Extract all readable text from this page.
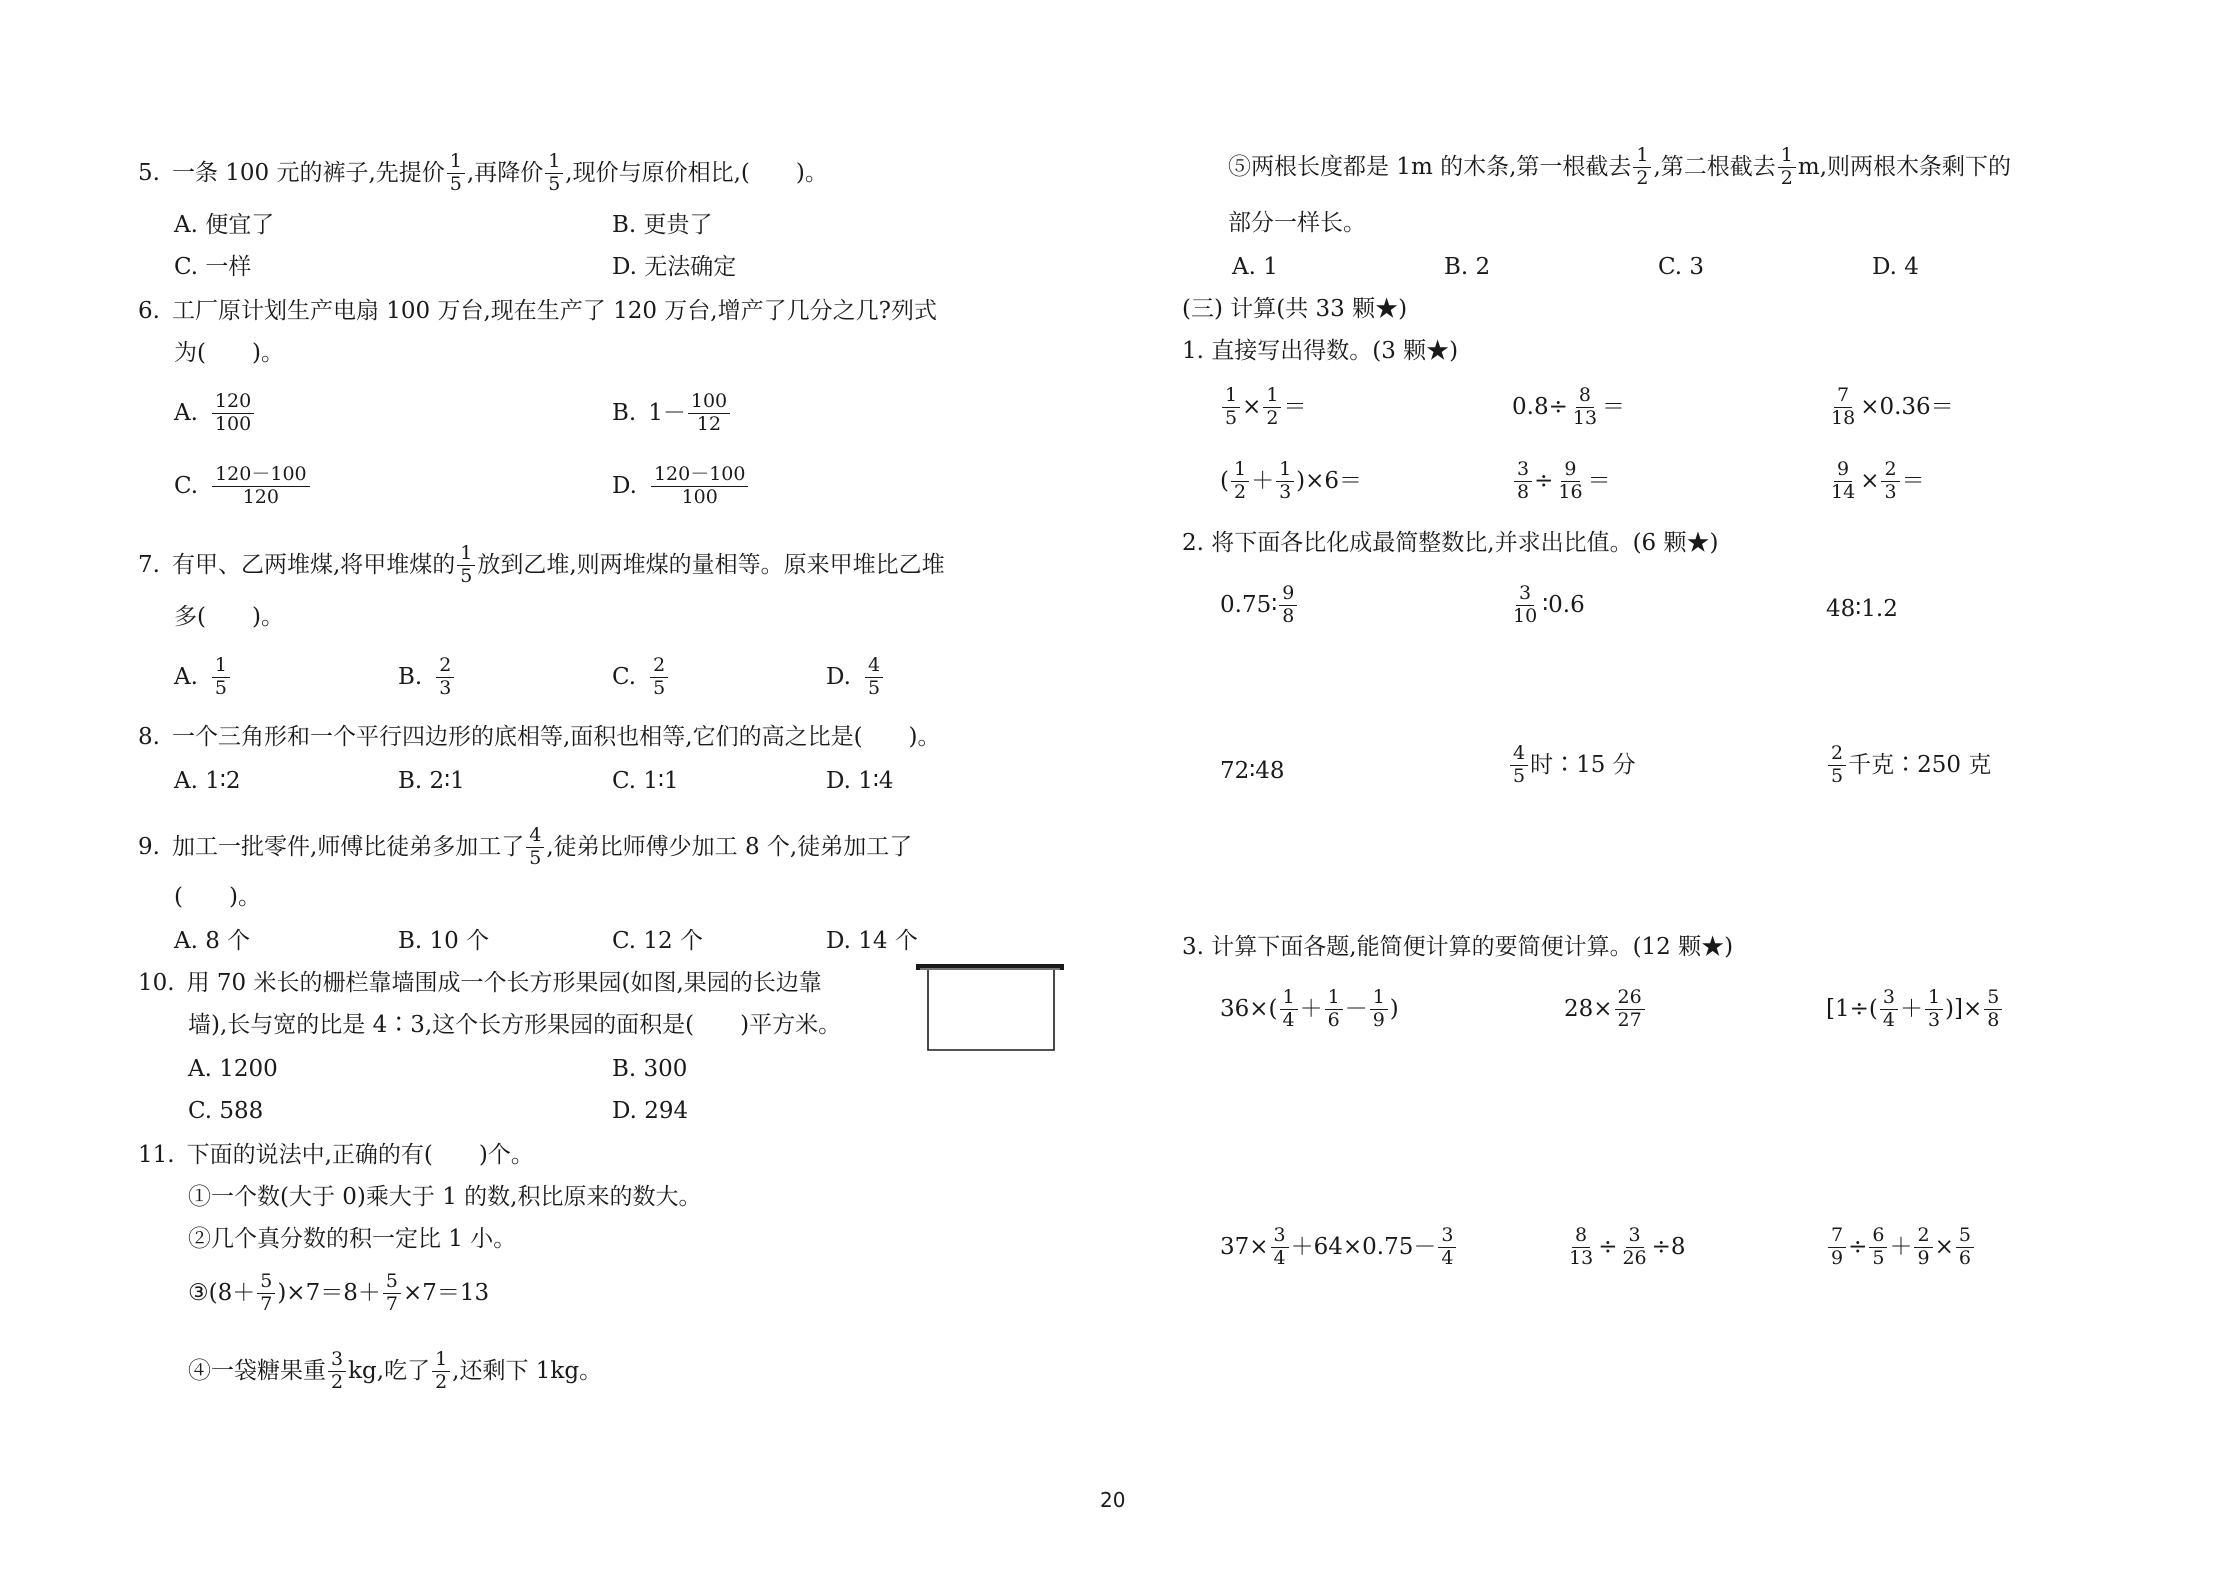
5. 一条 100 元的裤子,先提价 $\frac{1}{5}$ ,再降价 $\frac{1}{5}$ ,现价与原价相比,(　　)。
A. 便宜了	B. 更贵了
C. 一样	D. 无法确定
6. 工厂原计划生产电扇 100 万台,现在生产了 120 万台,增产了几分之几?列式
为(　　)。
A. $\frac{120}{100}$	B. $1- \frac{100}{12}$
C. $\frac{120-100}{120}$	D. $\frac{120-100}{100}$
7. 有甲、乙两堆煤,将甲堆煤的 $\frac{1}{5}$ 放到乙堆,则两堆煤的量相等。原来甲堆比乙堆
多(　　)。
A. $\frac{1}{5}$	B. $\frac{2}{3}$	C. $\frac{2}{5}$	D. $\frac{4}{5}$
8. 一个三角形和一个平行四边形的底相等,面积也相等,它们的高之比是(　　)。
A. 1∶2	B. 2∶1	C. 1∶1	D. 1∶4
9. 加工一批零件,师傅比徒弟多加工了 $\frac{4}{5}$ ,徒弟比师傅少加工 8 个,徒弟加工了
(　　)。
A. 8 个	B. 10 个	C. 12 个	D. 14 个
10. 用 70 米长的栅栏靠墙围成一个长方形果园(如图,果园的长边靠
墙),长与宽的比是 4∶3,这个长方形果园的面积是(　　)平方米。
A. 1200	B. 300
C. 588	D. 294
11. 下面的说法中,正确的有(　　)个。
①一个数(大于 0)乘大于 1 的数,积比原来的数大。
②几个真分数的积一定比 1 小。
③(8＋ $\frac{5}{7} )\times 7=8+ \frac{5}{7} \times 7=13$
④一袋糖果重 $\frac{3}{2}$ kg,吃了 $\frac{1}{2}$ ,还剩下 1kg。
⑤两根长度都是 1m 的木条,第一根截去 $\frac{1}{2}$ ,第二根截去 $\frac{1}{2} m$,则两根木条剩下的
部分一样长。
A. 1	B. 2	C. 3	D. 4
(三) 计算(共 33 颗★)
1. 直接写出得数。(3 颗★)
$\frac{1}{5} \times \frac{1}{2}$ ＝	$0.8\div \frac{8}{13}$ ＝	$\frac{7}{18} \times 0.36=$
( $\frac{1}{2} + \frac{1}{3} )\times 6=$	$\frac{3}{8} \div \frac{9}{16}$ ＝	$\frac{9}{14} \times \frac{2}{3}$ ＝
2. 将下面各比化成最简整数比,并求出比值。(6 颗★)
0.75∶ $\frac{9}{8}$	$\frac{3}{10}$ ∶0.6	48∶1.2
72∶48	$\frac{4}{5}$ 时∶15 分	$\frac{2}{5}$ 千克∶250 克
3. 计算下面各题,能简便计算的要简便计算。(12 颗★)
$36\times( \frac{1}{4} + \frac{1}{6} - \frac{1}{9}$ )	$28\times \frac{26}{27}$	[$1\div( \frac{3}{4} + \frac{1}{3}$ )]× $\frac{5}{8}$
$37\times \frac{3}{4} +64\times 0.75- \frac{3}{4}$	$\frac{8}{13} \div \frac{3}{26} \div 8$	$\frac{7}{9} \div \frac{6}{5} + \frac{2}{9} \times \frac{5}{6}$
20
